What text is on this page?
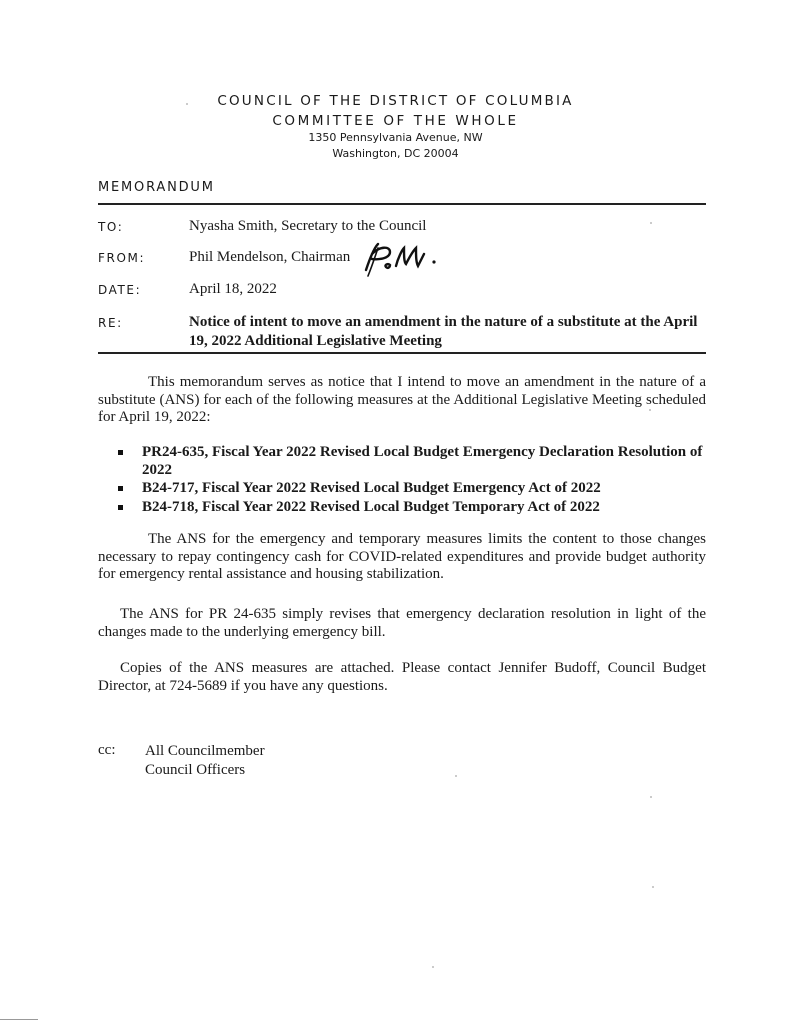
COUNCIL OF THE DISTRICT OF COLUMBIA
COMMITTEE OF THE WHOLE
1350 Pennsylvania Avenue, NW
Washington, DC 20004
MEMORANDUM
TO:	Nyasha Smith, Secretary to the Council
FROM:	Phil Mendelson, Chairman
DATE:	April 18, 2022
RE:	Notice of intent to move an amendment in the nature of a substitute at the April 19, 2022 Additional Legislative Meeting
This memorandum serves as notice that I intend to move an amendment in the nature of a substitute (ANS) for each of the following measures at the Additional Legislative Meeting scheduled for April 19, 2022:
PR24-635, Fiscal Year 2022 Revised Local Budget Emergency Declaration Resolution of 2022
B24-717, Fiscal Year 2022 Revised Local Budget Emergency Act of 2022
B24-718, Fiscal Year 2022 Revised Local Budget Temporary Act of 2022
The ANS for the emergency and temporary measures limits the content to those changes necessary to repay contingency cash for COVID-related expenditures and provide budget authority for emergency rental assistance and housing stabilization.
The ANS for PR 24-635 simply revises that emergency declaration resolution in light of the changes made to the underlying emergency bill.
Copies of the ANS measures are attached. Please contact Jennifer Budoff, Council Budget Director, at 724-5689 if you have any questions.
cc: All Councilmember
Council Officers
